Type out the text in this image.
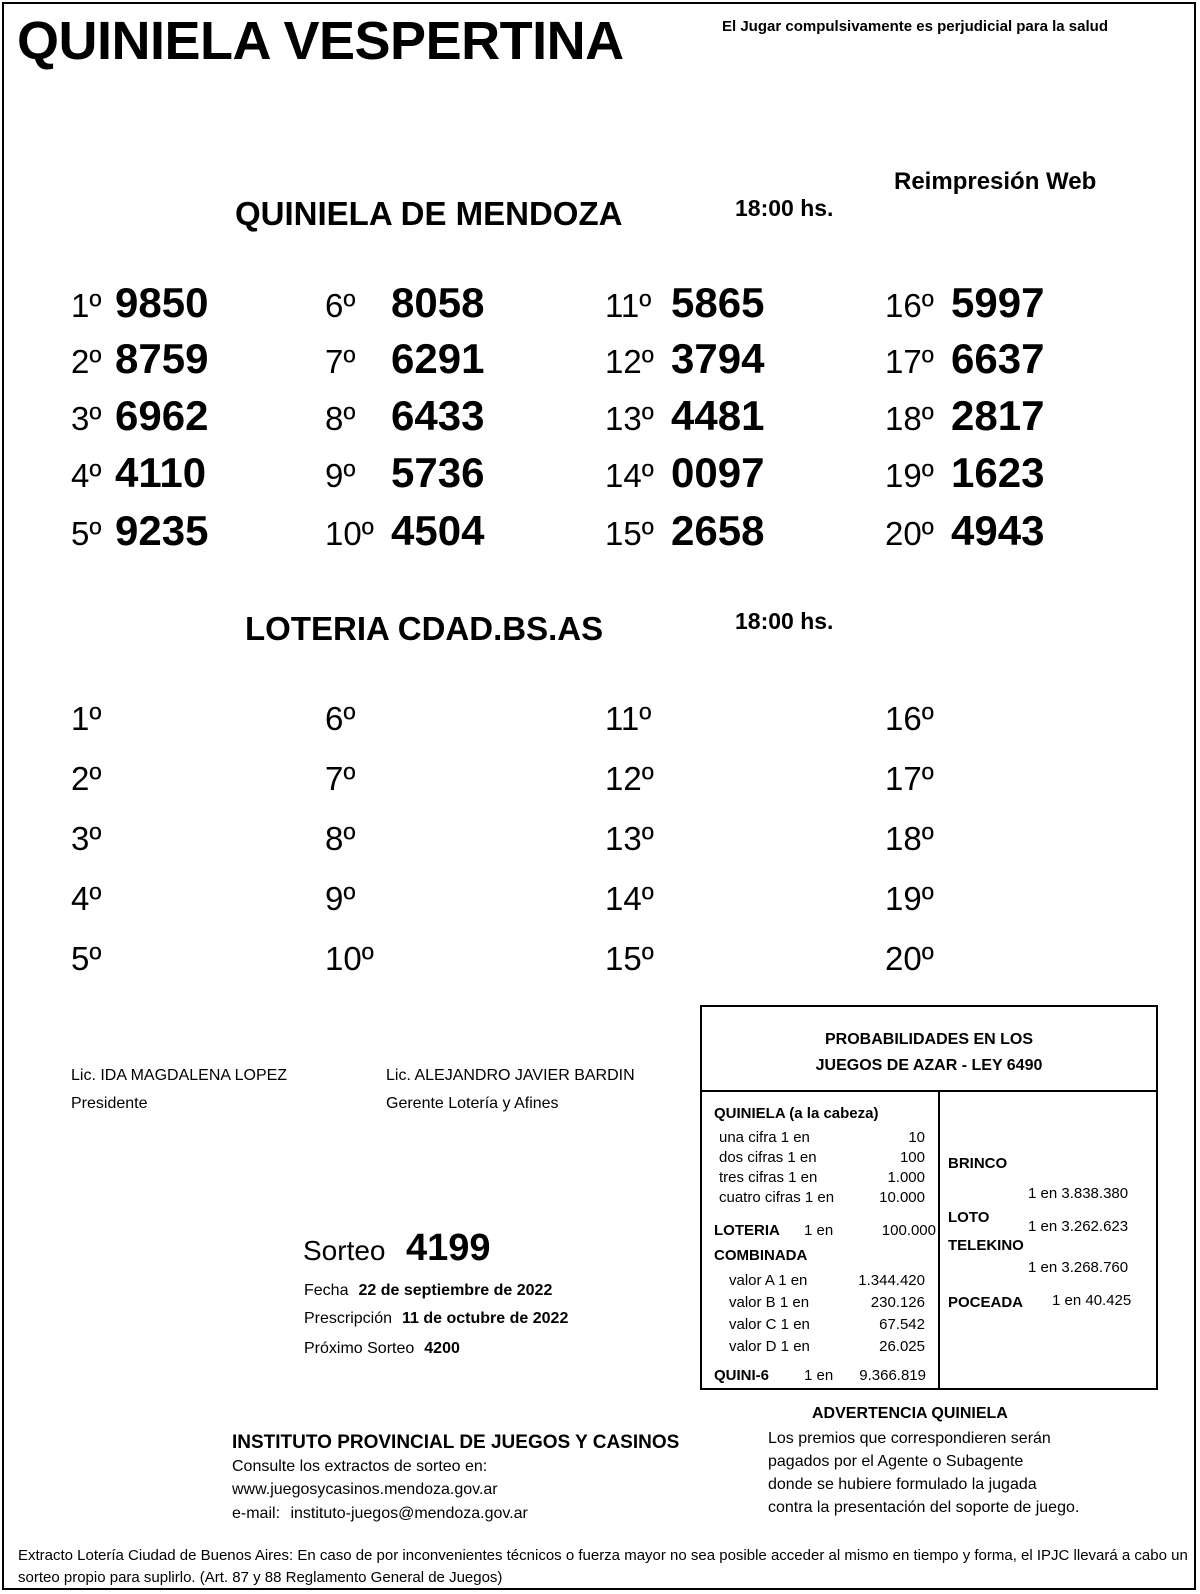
QUINIELA VESPERTINA	El Jugar compulsivamente es perjudicial para la salud
Reimpresión Web
QUINIELA DE MENDOZA	18:00 hs.
1º 9850
2º 8759
3º 6962
4º 4110
5º 9235
6º 8058
7º 6291
8º 6433
9º 5736
10º 4504
11º 5865
12º 3794
13º 4481
14º 0097
15º 2658
16º 5997
17º 6637
18º 2817
19º 1623
20º 4943
LOTERIA CDAD.BS.AS	18:00 hs.
1º
2º
3º
4º
5º
6º
7º
8º
9º
10º
11º
12º
13º
14º
15º
16º
17º
18º
19º
20º
Lic. IDA MAGDALENA LOPEZ
Presidente
Lic. ALEJANDRO JAVIER BARDIN
Gerente Lotería y Afines
Sorteo 4199
Fecha 22 de septiembre de 2022
Prescripción 11 de octubre de 2022
Próximo Sorteo 4200
PROBABILIDADES EN LOS
JUEGOS DE AZAR - LEY 6490
QUINIELA (a la cabeza)
una cifra 1 en	10
dos cifras 1 en	100
tres cifras 1 en	1.000
cuatro cifras 1 en	10.000
LOTERIA 1 en	100.000
COMBINADA
valor A 1 en	1.344.420
valor B 1 en	230.126
valor C 1 en	67.542
valor D 1 en	26.025
QUINI-6 1 en	9.366.819
BRINCO
1 en 3.838.380
LOTO
1 en 3.262.623
TELEKINO
1 en 3.268.760
POCEADA 1 en 40.425
INSTITUTO PROVINCIAL DE JUEGOS Y CASINOS
Consulte los extractos de sorteo en:
www.juegosycasinos.mendoza.gov.ar
e-mail: instituto-juegos@mendoza.gov.ar
ADVERTENCIA QUINIELA
Los premios que correspondieren serán
pagados por el Agente o Subagente
donde se hubiere formulado la jugada
contra la presentación del soporte de juego.
Extracto Lotería Ciudad de Buenos Aires: En caso de por inconvenientes técnicos o fuerza mayor no sea posible acceder al mismo en tiempo y forma, el IPJC llevará a cabo un sorteo propio para suplirlo. (Art. 87 y 88 Reglamento General de Juegos)
